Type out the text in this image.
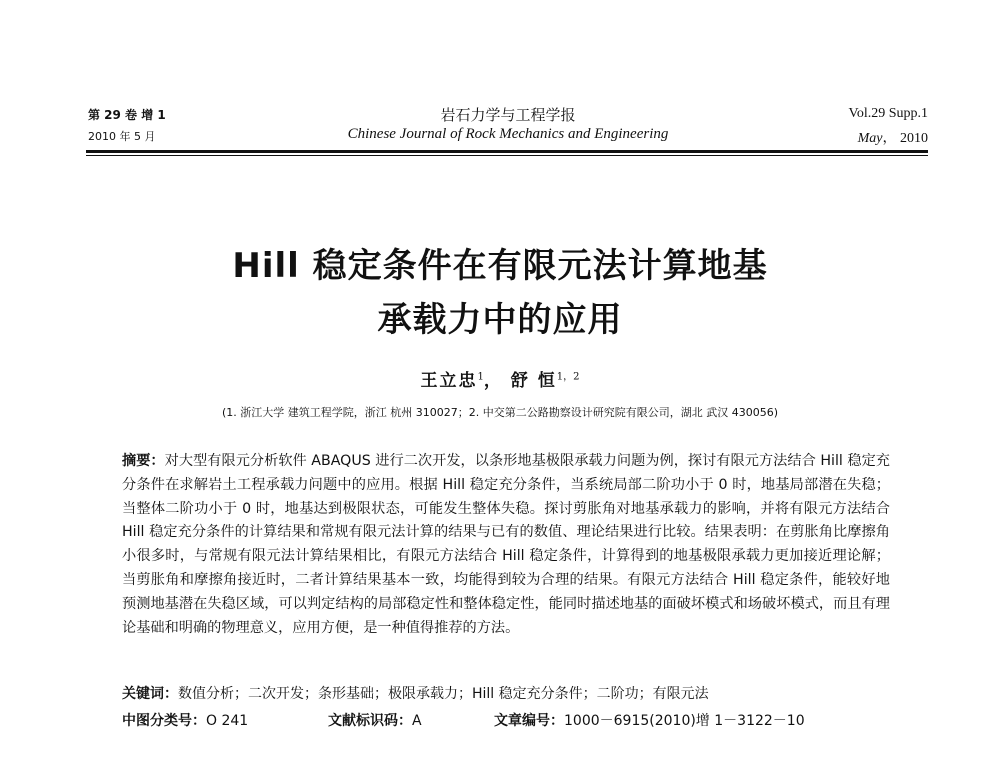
第 29 卷 增 1
2010 年 5 月
岩石力学与工程学报
Chinese Journal of Rock Mechanics and Engineering
Vol.29 Supp.1
May， 2010
Hill 稳定条件在有限元法计算地基
承载力中的应用
王立忠$^1$， 舒 恒$^{1,2}$
(1. 浙江大学 建筑工程学院，浙江 杭州 310027；2. 中交第二公路勘察设计研究院有限公司，湖北 武汉 430056)
摘要：对大型有限元分析软件 ABAQUS 进行二次开发，以条形地基极限承载力问题为例，探讨有限元方法结合 Hill 稳定充分条件在求解岩土工程承载力问题中的应用。根据 Hill 稳定充分条件，当系统局部二阶功小于 0 时，地基局部潜在失稳；当整体二阶功小于 0 时，地基达到极限状态，可能发生整体失稳。探讨剪胀角对地基承载力的影响，并将有限元方法结合 Hill 稳定充分条件的计算结果和常规有限元法计算的结果与已有的数值、理论结果进行比较。结果表明：在剪胀角比摩擦角小很多时，与常规有限元法计算结果相比，有限元方法结合 Hill 稳定条件，计算得到的地基极限承载力更加接近理论解；当剪胀角和摩擦角接近时，二者计算结果基本一致，均能得到较为合理的结果。有限元方法结合 Hill 稳定条件，能较好地预测地基潜在失稳区域，可以判定结构的局部稳定性和整体稳定性，能同时描述地基的面破坏模式和场破坏模式，而且有理论基础和明确的物理意义，应用方便，是一种值得推荐的方法。
关键词：数值分析；二次开发；条形基础；极限承载力；Hill 稳定充分条件；二阶功；有限元法
中图分类号：O 241	文献标识码：A	文章编号：1000－6915(2010)增 1－3122－10
